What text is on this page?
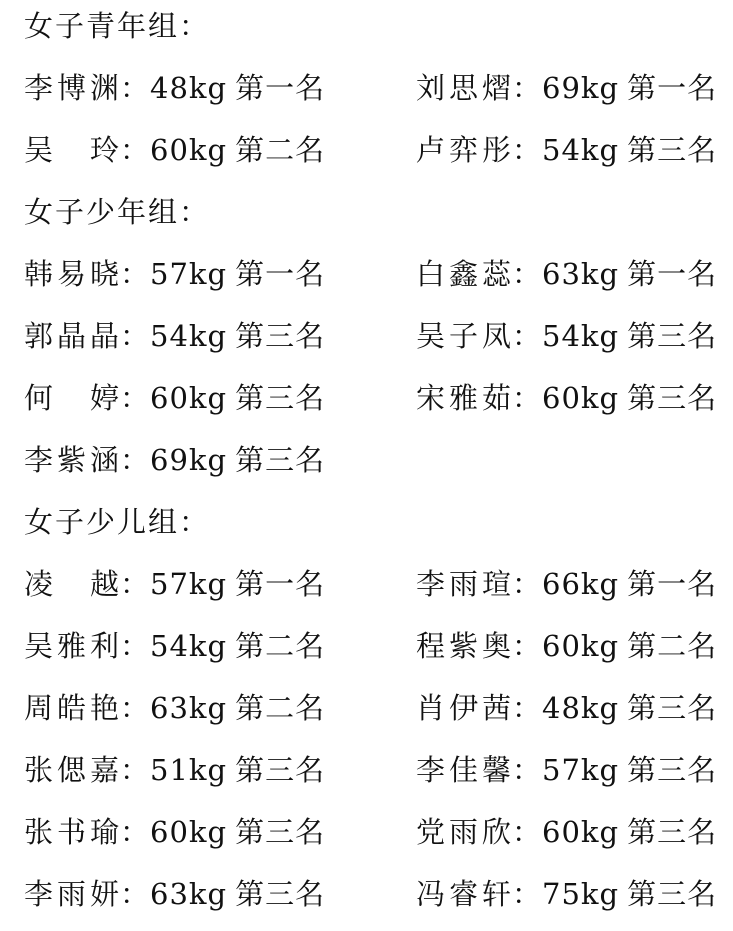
女子青年组：
李博渊：48kg 第一名	刘思熠：69kg 第一名
吴 玲：60kg 第二名	卢弈彤：54kg 第三名
女子少年组：
韩易晓：57kg 第一名	白鑫蕊：63kg 第一名
郭晶晶：54kg 第三名	吴子凤：54kg 第三名
何 婷：60kg 第三名	宋雅茹：60kg 第三名
李紫涵：69kg 第三名
女子少儿组：
凌 越：57kg 第一名	李雨瑄：66kg 第一名
吴雅利：54kg 第二名	程紫奥：60kg 第二名
周皓艳：63kg 第二名	肖伊茜：48kg 第三名
张偲嘉：51kg 第三名	李佳馨：57kg 第三名
张书瑜：60kg 第三名	党雨欣：60kg 第三名
李雨妍：63kg 第三名	冯睿轩：75kg 第三名
